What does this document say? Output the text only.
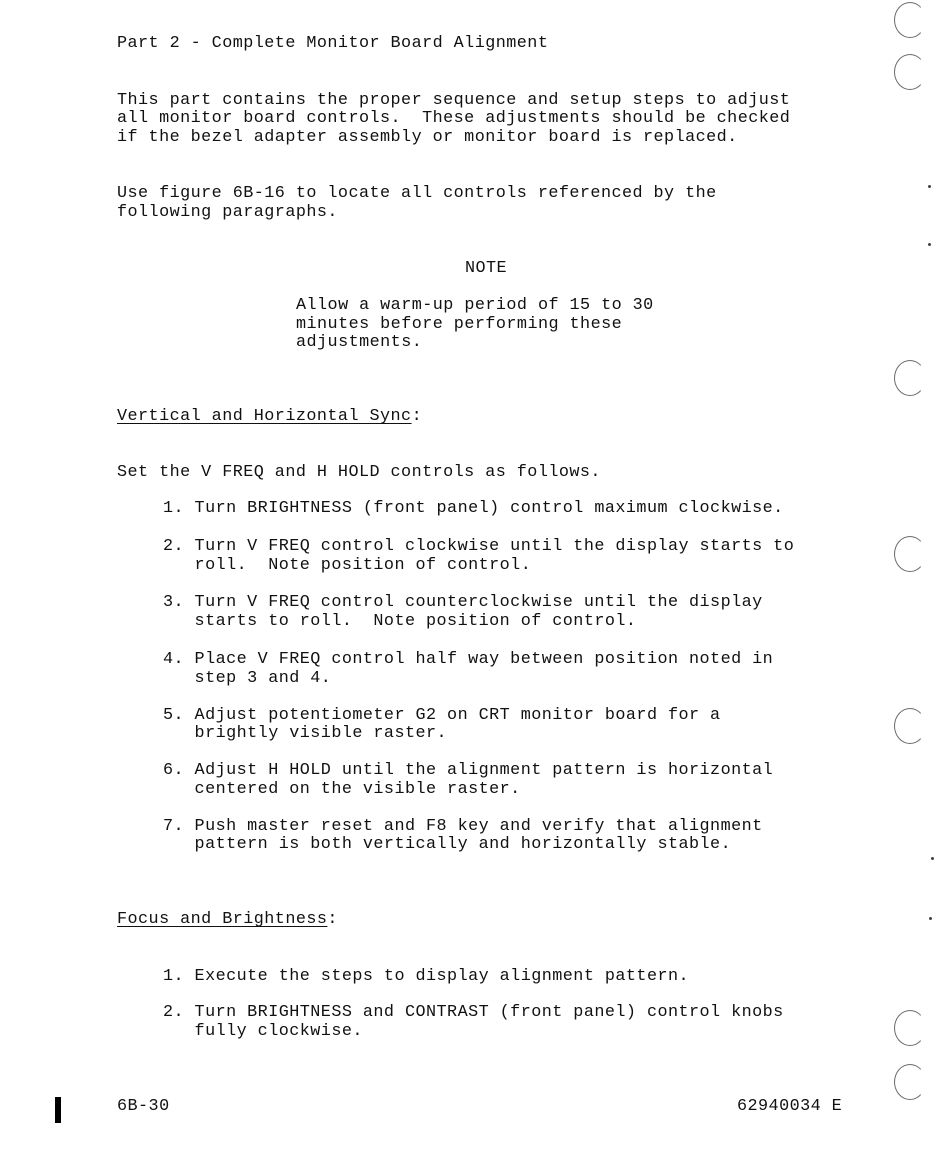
Part 2 - Complete Monitor Board Alignment
This part contains the proper sequence and setup steps to adjust
all monitor board controls.  These adjustments should be checked
if the bezel adapter assembly or monitor board is replaced.
Use figure 6B-16 to locate all controls referenced by the
following paragraphs.
NOTE
Allow a warm-up period of 15 to 30
minutes before performing these
adjustments.
Vertical and Horizontal Sync:
Set the V FREQ and H HOLD controls as follows.
1. Turn BRIGHTNESS (front panel) control maximum clockwise.
2. Turn V FREQ control clockwise until the display starts to
roll.  Note position of control.
3. Turn V FREQ control counterclockwise until the display
starts to roll.  Note position of control.
4. Place V FREQ control half way between position noted in
step 3 and 4.
5. Adjust potentiometer G2 on CRT monitor board for a
brightly visible raster.
6. Adjust H HOLD until the alignment pattern is horizontal
centered on the visible raster.
7. Push master reset and F8 key and verify that alignment
pattern is both vertically and horizontally stable.
Focus and Brightness:
1. Execute the steps to display alignment pattern.
2. Turn BRIGHTNESS and CONTRAST (front panel) control knobs
fully clockwise.
6B-30	62940034 E
